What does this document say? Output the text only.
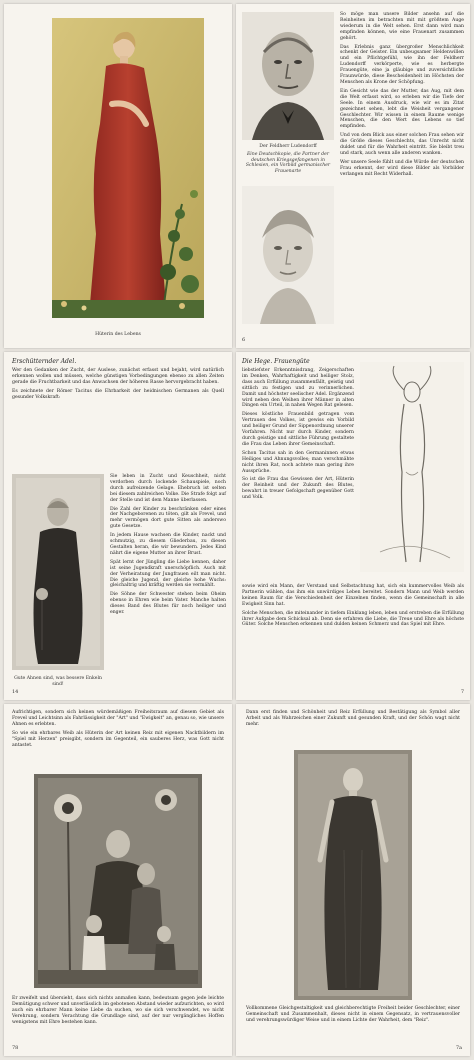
Hüterin des Lebens
Der Feldherr Ludendorff
Eine Deutschkopie, die Partner der deutschen Kriegsgefangenen in Schlesien, ein Vorbild germanischer Frauenarte

So möge man unsere Bilder ansehn auf die Reinheiten im betrachten mit mit größtem Auge wiederum in die Welt sehen. Erst dann wird man empfinden können, wie eine Frauenart zusammen gehört.

Das Erlebnis ganz übergroßer Menschlichkeit schenkt der Geister. Ein unbeugsamer Heldenwillen und ein Pflichtgefühl, wie ihn der Feldherr Ludendorff verkörperte, wie es herbergte Frauengüte, eine ja gläubige und zuversichtliche Fraunwürde, diese Bescheidenheit im Höchsten der Menschen als Krone der Schöpfung.

Ein Gesicht wie das der Mutter, das Aug, mit dem die Welt erfasst wird, so erleben wir die Tiefe der Seele. In einem Ausdruck, wie wir es im Zitat gezeichnet sehen, lebt die Weisheit vergangener Geschlechter. Wir wissen in einem Raume wenige Menschen, die den Wert des Lebens so tief empfinden.

Und von dem Blick aus einer solchen Frau sehen wir die Größe dieses Geschlechts, das Unrecht nicht duldet und für die Wahrheit eintritt. Sie bleibt treu und stark, auch wenn alle anderen wanken.

Wer unsere Seele fühlt und die Würde der deutschen Frau erkennt, der wird diese Bilder als Vorbilder verlangen mit Recht Widerhall.

6
Erschütternder Adel.

Wer den Gedanken der Zucht, der Auslese, zunächst erfasst und bejaht, wird natürlich erkennen wollen und müssen, welche günstigen Vorbedingungen ebenso zu allen Zeiten gerade die Fruchtbarkeit und das Anwachsen der höheren Rasse hervorgebracht haben.

Es zeichnete der Römer Tacitus die Ehrbarkeit der heidnischen Germanen als Quell gesunder Volkskraft:

Gute Ahnen sind, was bessere Enkeln sind!

Sie leben in Zucht und Keuschheit, nicht verdorben durch lockende Schauspiele, noch durch aufreizende Gelage. Ehebruch ist selten bei diesem zahlreichen Volke. Die Strafe folgt auf der Stelle und ist dem Manne überlassen.

Die Zahl der Kinder zu beschränken oder eines der Nachgeborenen zu töten, gilt als Frevel, und mehr vermögen dort gute Sitten als anderswo gute Gesetze.

In jedem Hause wachsen die Kinder, nackt und schmutzig, zu diesem Gliederbau, zu diesen Gestalten heran, die wir bewundern. Jedes Kind nährt die eigene Mutter an ihrer Brust.

Spät lernt der Jüngling die Liebe kennen, daher ist seine Jugendkraft unerschöpflich. Auch mit der Verheiratung der Jungfrauen eilt man nicht. Die gleiche Jugend, der gleiche hohe Wuchs: gleichaltrig und kräftig werden sie vermählt.

Die Söhne der Schwester stehen beim Oheim ebenso in Ehren wie beim Vater. Manche halten dieses Band des Blutes für noch heiliger und enger.

14
Die Hege. Frauengüte

liebstiefster Erkenntnisdrang, Zeigerschaften im Denken, Wahrhaftigkeit und heiliger Stolz, dass auch Erfüllung zusammenfällt, geistig und sittlich zu festigen und zu verinnerlichen. Damit und höchster seelischer Adel. Ergänzend wird neben den Weihen ihrer Männer in alten Dingen ein Urteil, in nahen Wegen Rat gelesen.

Dieses köstliche Frauenbild getragen vom Vertrauen des Volkes, ist gewiss ein Vorbild und heiliger Grund der Sippenordnung unserer Vorfahren. Nicht nur durch Kinder, sondern durch geistige und sittliche Führung gestaltete die Frau das Leben ihrer Gemeinschaft.

Schon Tacitus sah in den Germaninnen etwas Heiliges und Ahnungsvolles; man verschmähte nicht ihren Rat, noch achtete man gering ihre Aussprüche.

So ist die Frau das Gewissen der Art, Hüterin der Reinheit und der Zukunft des Blutes, bewahrt in treuer Gefolgschaft gegenüber Gott und Volk.

sowie wird ein Mann, der Verstand und Selbstachtung hat, sich ein kummervolles Weib als Partnerin wählen, das ihm ein unwürdiges Leben bereitet. Sondern Mann und Weib werden keinen Raum für die Verschiedenheit der Einzelnen finden, wenn die Gemeinschaft in alle Ewigkeit Sinn hat.

Solche Menschen, die miteinander in tiefem Einklang leben, leben und erstreben die Erfüllung ihrer Aufgabe dem Schicksal ab. Denn sie erfahren die Liebe, die Treue und Ehre als höchste Güter. Solche Menschen erkennen und dulden keinen Schmerz und das Spiel mit Ehre.

7

Aufrichtigen, sondern sich keinen würdemäßigen Freiheitsraum auf diesem Gebiet als Frevel und Leichtsinn als Fahrlässigkeit der "Art" und "Ewigkeit" an, genau so, wie unsere Ahnen es erlebten.

So wie ein ehrbares Weib als Hüterin der Art keinen Reiz mit eigenen Nacktbildern im "Spiel mit Herzen" preisgibt, sondern im Gegenteil, ein sauberes Herz, was Gott nicht antastet.

Er zweifelt und übersieht, dass sich nichts anmaßen kann, bedeutsam gegen jede leichte Demütigung schwer und unverlässlich im gebotenen Abstand wieder aufzurichten, so wird auch ein ehrbarer Mann keine Liebe da suchen, wo sie sich verschwendet, wo nicht Verehrung, sondern Verachtung die Grundlage sind, auf der nur vergängliches Hoffen wenigstens mit Ehre bestehen kann.

78

Dann erst finden und Schönheit und Reiz Erfüllung und Bestätigung als Symbol aller Arbeit und als Wahrzeichen einer Zukunft und gesunden Kraft, und der Schön wagt nicht mehr.

Vollkommene Gleichgestaltigkeit und gleichberechtigte Freiheit beider Geschlechter, einer Gemeinschaft und Zusammenhalt, dieses nicht in einem Gegensatz, in vertrauensvoller und verehrungswürdiger Weise und in einem Lichte der Wahrheit, dem "Reiz".

7a
